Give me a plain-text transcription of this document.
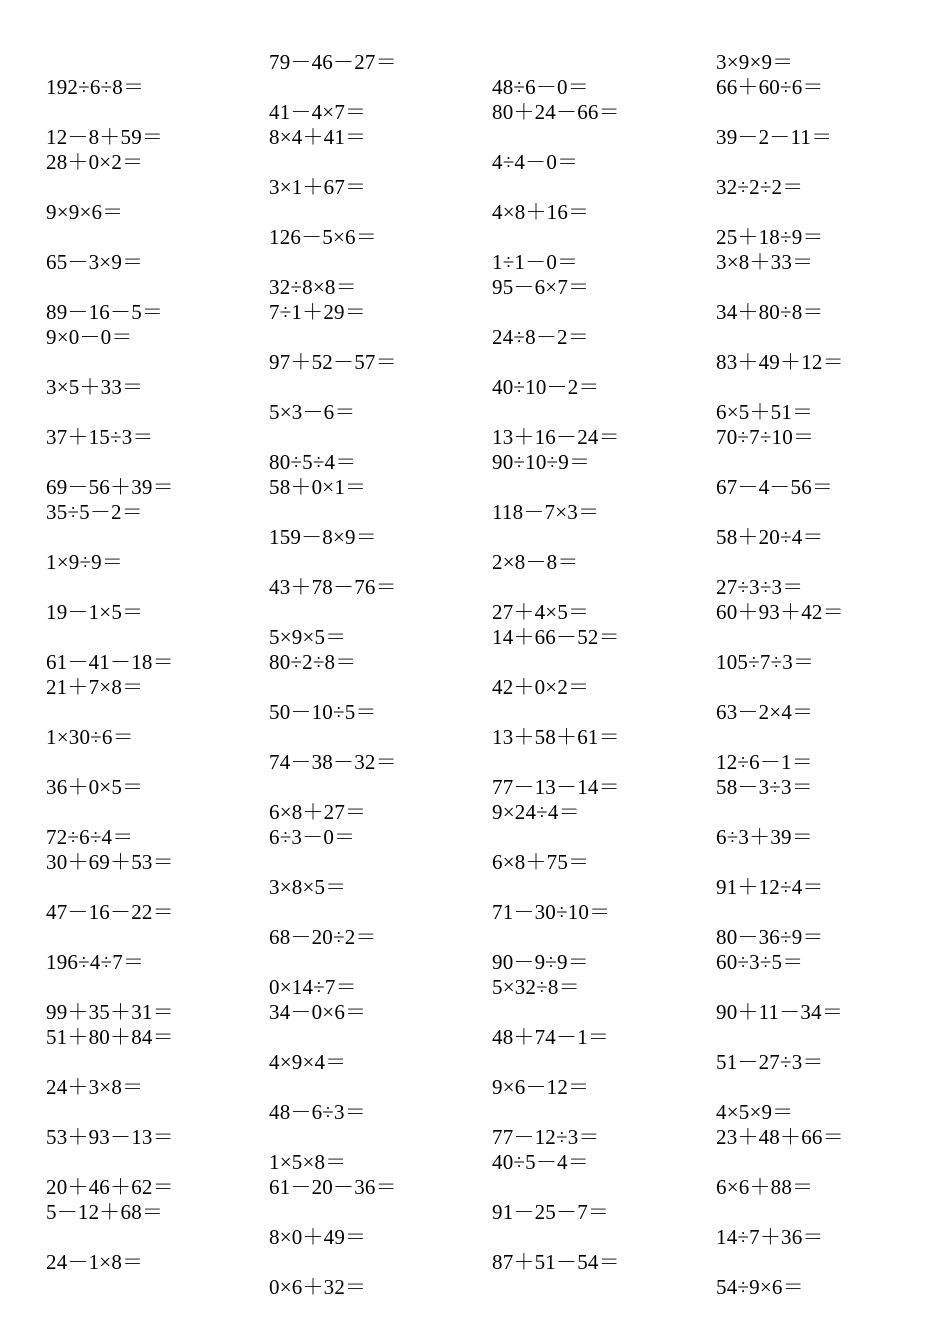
192÷6÷8＝
12－8＋59＝
28＋0×2＝
9×9×6＝
65－3×9＝
89－16－5＝
9×0－0＝
3×5＋33＝
37＋15÷3＝
69－56＋39＝
35÷5－2＝
1×9÷9＝
19－1×5＝
61－41－18＝
21＋7×8＝
1×30÷6＝
36＋0×5＝
72÷6÷4＝
30＋69＋53＝
47－16－22＝
196÷4÷7＝
99＋35＋31＝
51＋80＋84＝
24＋3×8＝
53＋93－13＝
20＋46＋62＝
5－12＋68＝
24－1×8＝
79－46－27＝
41－4×7＝
8×4＋41＝
3×1＋67＝
126－5×6＝
32÷8×8＝
7÷1＋29＝
97＋52－57＝
5×3－6＝
80÷5÷4＝
58＋0×1＝
159－8×9＝
43＋78－76＝
5×9×5＝
80÷2÷8＝
50－10÷5＝
74－38－32＝
6×8＋27＝
6÷3－0＝
3×8×5＝
68－20÷2＝
0×14÷7＝
34－0×6＝
4×9×4＝
48－6÷3＝
1×5×8＝
61－20－36＝
8×0＋49＝
0×6＋32＝
48÷6－0＝
80＋24－66＝
4÷4－0＝
4×8＋16＝
1÷1－0＝
95－6×7＝
24÷8－2＝
40÷10－2＝
13＋16－24＝
90÷10÷9＝
118－7×3＝
2×8－8＝
27＋4×5＝
14＋66－52＝
42＋0×2＝
13＋58＋61＝
77－13－14＝
9×24÷4＝
6×8＋75＝
71－30÷10＝
90－9÷9＝
5×32÷8＝
48＋74－1＝
9×6－12＝
77－12÷3＝
40÷5－4＝
91－25－7＝
87＋51－54＝
3×9×9＝
66＋60÷6＝
39－2－11＝
32÷2÷2＝
25＋18÷9＝
3×8＋33＝
34＋80÷8＝
83＋49＋12＝
6×5＋51＝
70÷7÷10＝
67－4－56＝
58＋20÷4＝
27÷3÷3＝
60＋93＋42＝
105÷7÷3＝
63－2×4＝
12÷6－1＝
58－3÷3＝
6÷3＋39＝
91＋12÷4＝
80－36÷9＝
60÷3÷5＝
90＋11－34＝
51－27÷3＝
4×5×9＝
23＋48＋66＝
6×6＋88＝
14÷7＋36＝
54÷9×6＝
